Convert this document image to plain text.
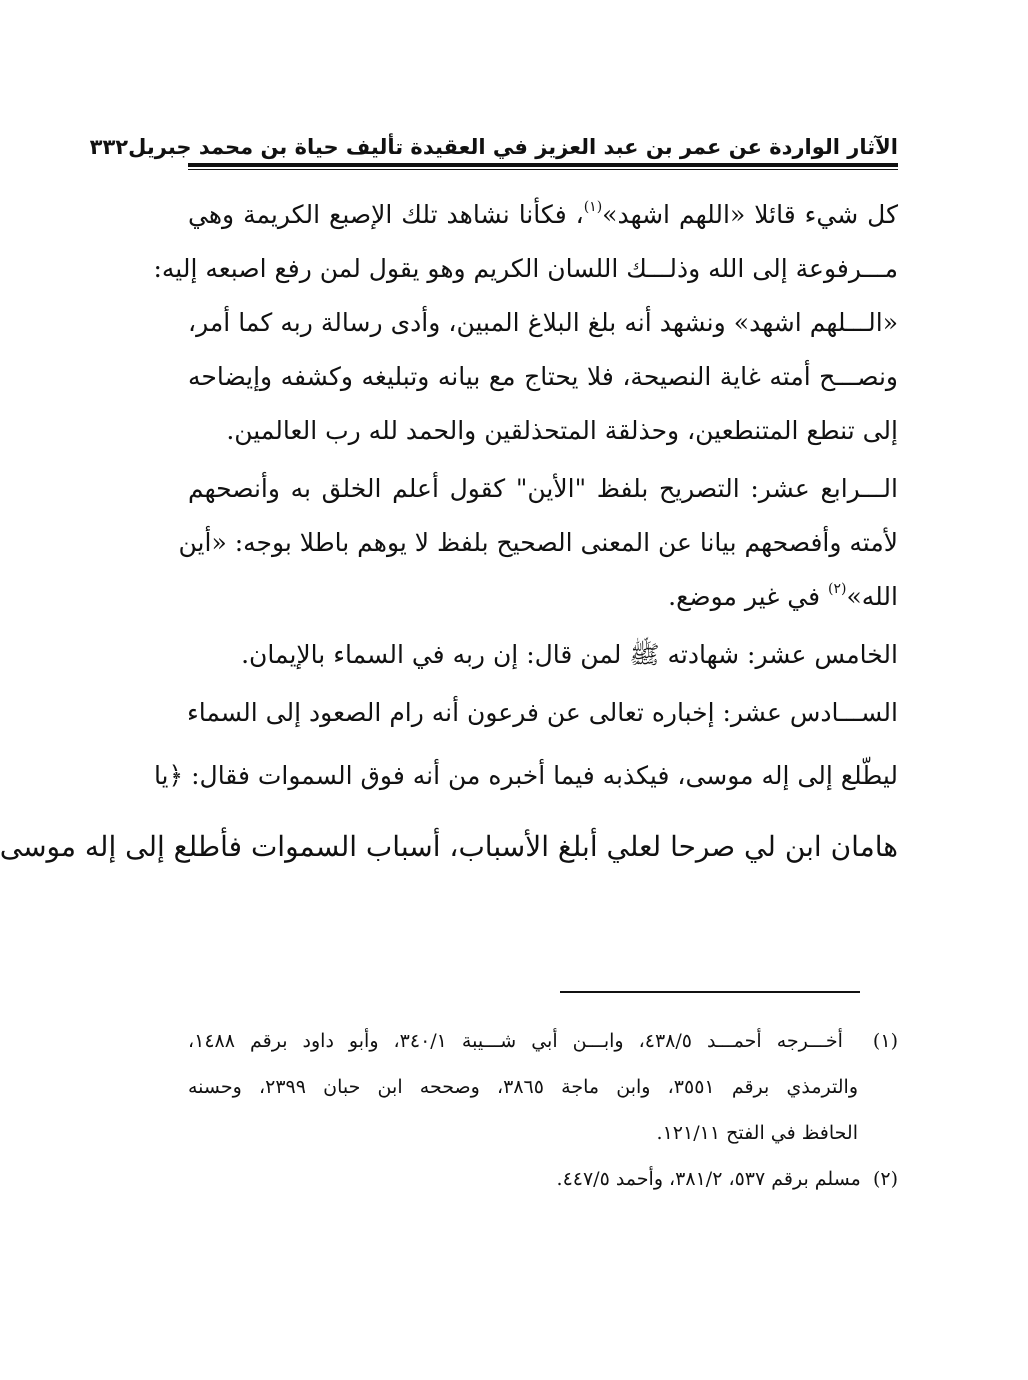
الآثار الواردة عن عمر بن عبد العزيز في العقيدة تأليف حياة بن محمد جبريل
٣٣٢
كل شيء قائلا «اللهم اشهد»$^{(١)}$، فكأنا نشاهد تلك الإصبع الكريمة وهي
مـــرفوعة إلى الله وذلـــك اللسان الكريم وهو يقول لمن رفع اصبعه إليه:
«الـــلهم اشهد» ونشهد أنه بلغ البلاغ المبين، وأدى رسالة ربه كما أمر،
ونصـــح أمته غاية النصيحة، فلا يحتاج مع بيانه وتبليغه وكشفه وإيضاحه
إلى تنطع المتنطعين، وحذلقة المتحذلقين والحمد لله رب العالمين.
الـــرابع عشر: التصريح بلفظ "الأين" كقول أعلم الخلق به وأنصحهم
لأمته وأفصحهم بيانا عن المعنى الصحيح بلفظ لا يوهم باطلا بوجه: «أين
الله»$^{(٢)}$ في غير موضع.
الخامس عشر: شهادته ﷺ لمن قال: إن ربه في السماء بالإيمان.
الســـادس عشر: إخباره تعالى عن فرعون أنه رام الصعود إلى السماء
ليطّلع إلى إله موسى، فيكذبه فيما أخبره من أنه فوق السموات فقال: ﴿يا
هامان ابن لي صرحا لعلي أبلغ الأسباب، أسباب السموات فأطلع إلى إله موسى
(١)  أخـــرجه أحمـــد ٤٣٨/٥، وابـــن أبي شـــيبة ٣٤٠/١، وأبو داود برقم ١٤٨٨،
والترمذي برقم ٣٥٥١، وابن ماجة ٣٨٦٥، وصححه ابن حبان ٢٣٩٩، وحسنه
الحافظ في الفتح ١٢١/١١.
(٢)  مسلم برقم ٥٣٧، ٣٨١/٢، وأحمد ٤٤٧/٥.
